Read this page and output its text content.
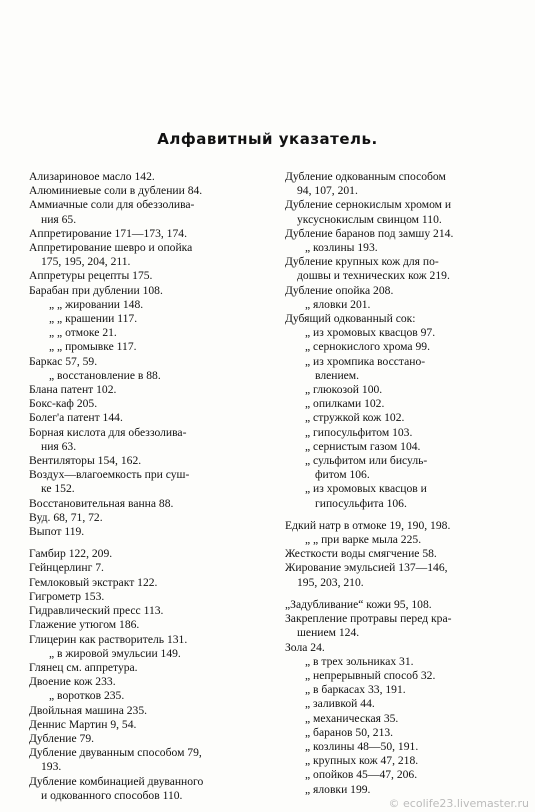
Алфавитный указатель.
Ализариновое масло 142.
Алюминиевые соли в дублении 84.
Аммиачные соли для обеззолива-
ния 65.
Аппретирование 171—173, 174.
Аппретирование шевро и опойка
175, 195, 204, 211.
Аппретуры рецепты 175.
Барабан при дублении 108.
„ „ жировании 148.
„ „ крашении 117.
„ „ отмоке 21.
„ „ промывке 117.
Баркас 57, 59.
„ восстановление в 88.
Блана патент 102.
Бокс-каф 205.
Болег'а патент 144.
Борная кислота для обеззолива-
ния 63.
Вентиляторы 154, 162.
Воздух—влагоемкость при суш-
ке 152.
Восстановительная ванна 88.
Вуд. 68, 71, 72.
Выпот 119.
Гамбир 122, 209.
Гейнцерлинг 7.
Гемлоковый экстракт 122.
Гигрометр 153.
Гидравлический пресс 113.
Глажение утюгом 186.
Глицерин как растворитель 131.
„ в жировой эмульсии 149.
Глянец см. аппретура.
Двоение кож 233.
„ воротков 235.
Двойльная машина 235.
Деннис Мартин 9, 54.
Дубление 79.
Дубление двуванным способом 79,
193.
Дубление комбинацией двуванного
и одкованного способов 110.
Дубление одкованным способом
94, 107, 201.
Дубление сернокислым хромом и
уксуснокислым свинцом 110.
Дубление баранов под замшу 214.
„ козлины 193.
Дубление крупных кож для по-
дошвы и технических кож 219.
Дубление опойка 208.
„ яловки 201.
Дубящий одкованный сок:
„ из хромовых квасцов 97.
„ сернокислого хрома 99.
„ из хромпика восстано-
влением.
„ глюкозой 100.
„ опилками 102.
„ стружкой кож 102.
„ гипосульфитом 103.
„ сернистым газом 104.
„ сульфитом или бисуль-
фитом 106.
„ из хромовых квасцов и
гипосульфита 106.
Едкий натр в отмоке 19, 190, 198.
„ „ при варке мыла 225.
Жесткости воды смягчение 58.
Жирование эмульсией 137—146,
195, 203, 210.
„Задубливание“ кожи 95, 108.
Закрепление протравы перед кра-
шением 124.
Зола 24.
„ в трех зольниках 31.
„ непрерывный способ 32.
„ в баркасах 33, 191.
„ заливкой 44.
„ механическая 35.
„ баранов 50, 213.
„ козлины 48—50, 191.
„ крупных кож 47, 218.
„ опойков 45—47, 206.
„ яловки 199.
© ecolife23.livemaster.ru
